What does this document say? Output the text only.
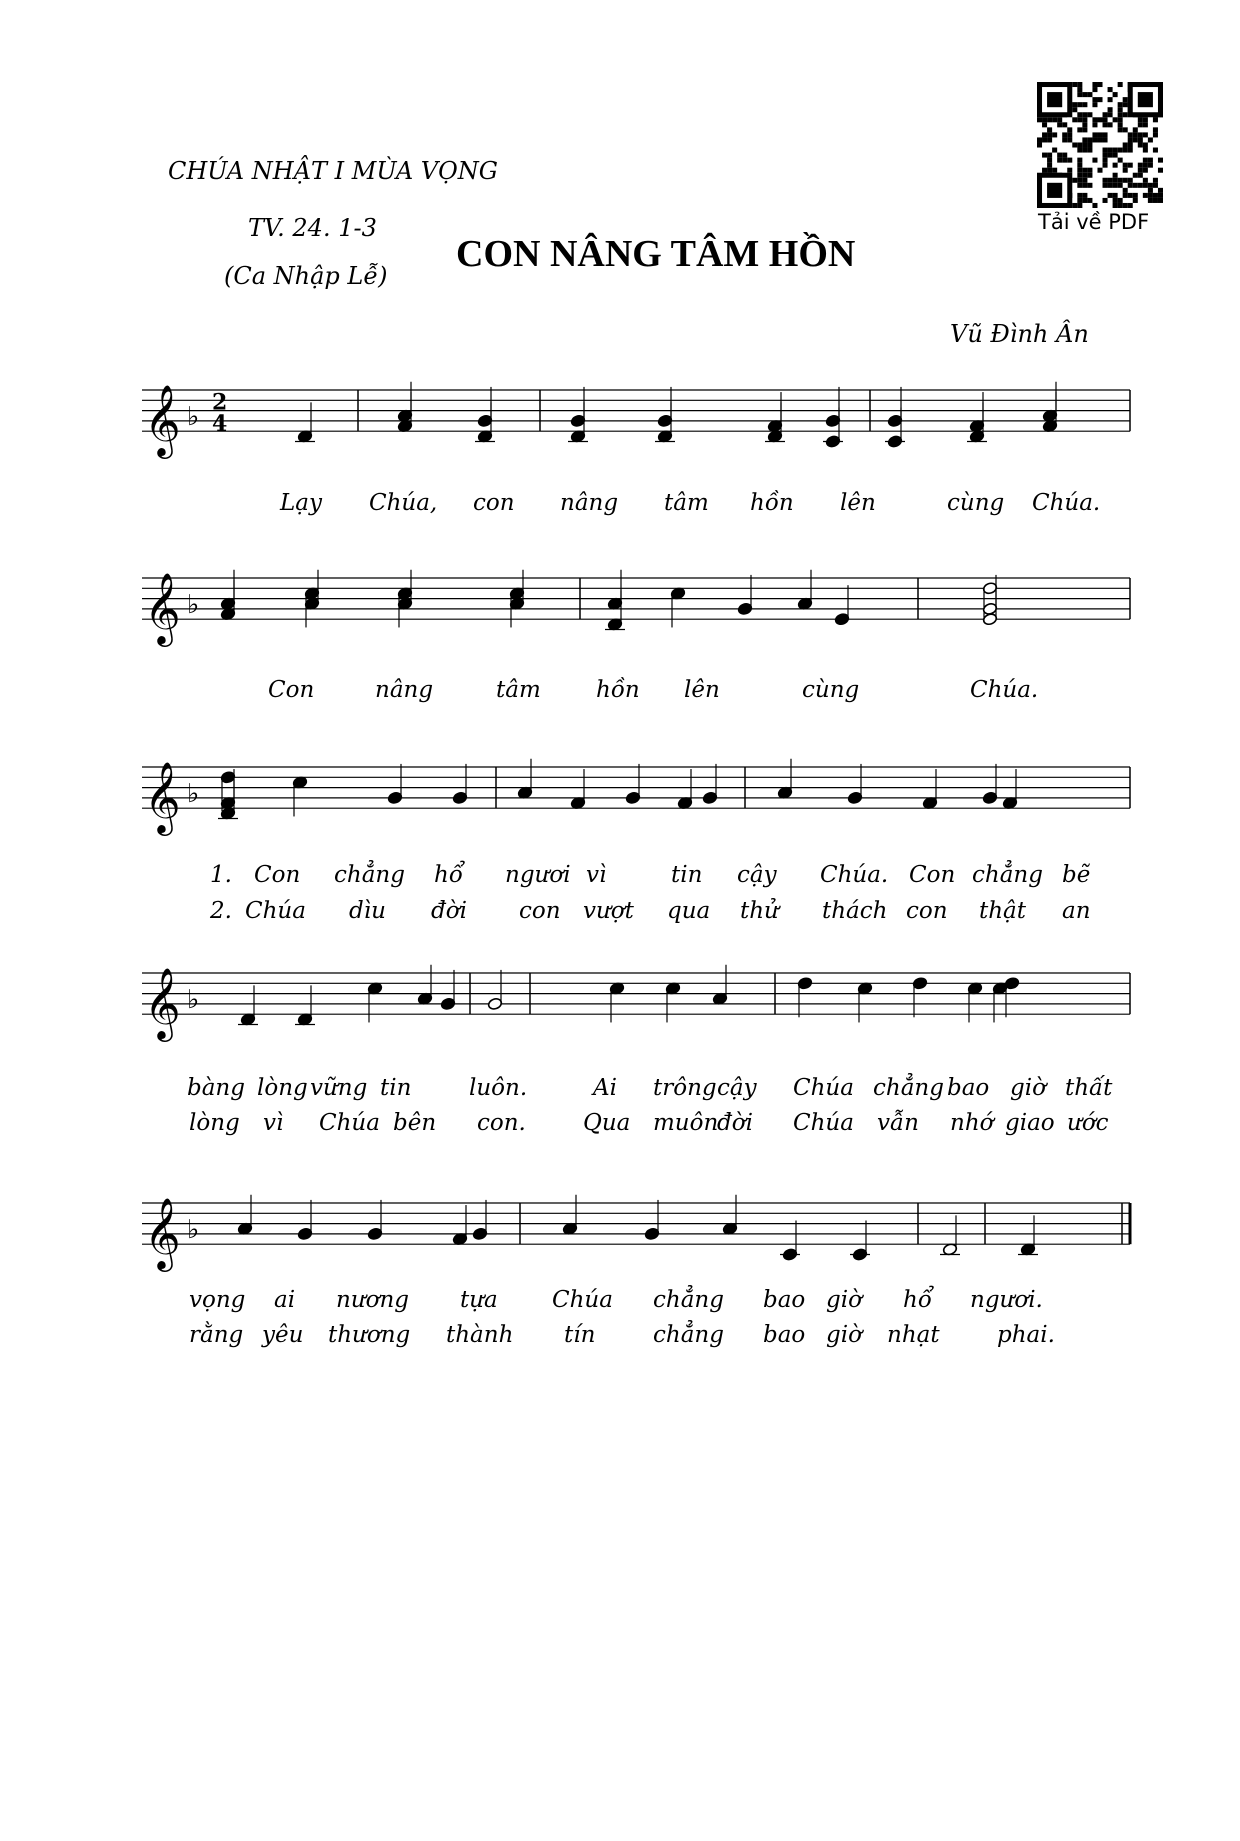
CHÚA NHẬT I MÙA VỌNG
TV. 24. 1-3
(Ca Nhập Lễ)
CON NÂNG TÂM HỒN
Vũ Đình Ân
Tải về PDF
𝄞 ♭ 2
4
𝄞 ♭
𝄞 ♭
𝄞 ♭
𝄞 ♭
Lạy Chúa, con nâng tâm hồn lên	cùng Chúa.
Con	nâng	tâm hồn lên	cùng	Chúa.
1. Con chẳng hổ ngươi vì	tin cậy Chúa. Con chẳng bẽ
2. Chúa dìu đời con vượt qua thử thách con thật an
bàng lòng vững tin	luôn.	Ai trông cậy Chúa chẳng bao giờ thất
lòng vì Chúa bên con. Qua muôn
đời Chúa vẫn nhớ giao ước
vọng ai nương tựa Chúa chẳng bao giờ hổ ngươi.
rằng yêu thương thành tín	chẳng bao giờ nhạt phai.
